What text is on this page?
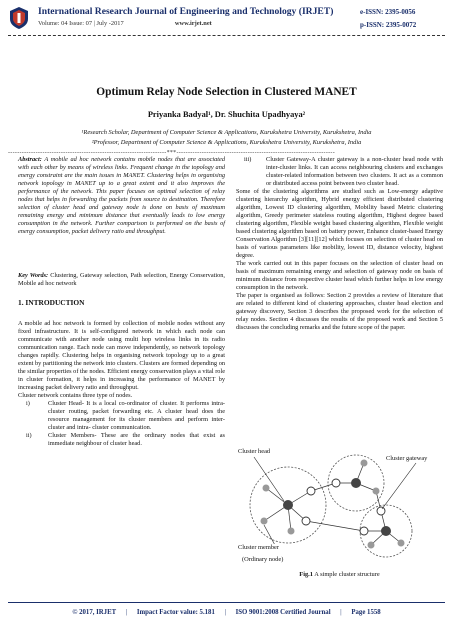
International Research Journal of Engineering and Technology (IRJET)
Volume: 04 Issue: 07 | July -2017	www.irjet.net
e-ISSN: 2395-0056
p-ISSN: 2395-0072
Optimum Relay Node Selection in Clustered MANET
Priyanka Badyal¹, Dr. Shuchita Upadhyaya²
¹Research Scholar, Department of Computer Science & Applications, Kurukshetra University, Kurukshetra, India
²Professor, Department of Computer Science & Applications, Kurukshetra University, Kurukshetra, India
---------------------------------------------------------------------***---------------------------------------------------------------------
Abstract: A mobile ad hoc network contains mobile nodes that are associated with each other by means of wireless links. Frequent change in the topology and energy constraint are the main issues in MANET. Clustering helps in organising network topology in MANET up to a great extent and it also improves the performance of the network. This paper focuses on optimal selection of relay nodes that helps in forwarding the packets from source to destination. Therefore selection of cluster head and gateway node is done on basis of maximum remaining energy and minimum distance that eventually leads to low energy consumption in the network. Further comparison is performed on the basis of energy consumption, packet delivery ratio and throughput.
Key Words: Clustering, Gateway selection, Path selection, Energy Conservation, Mobile ad hoc network
1. INTRODUCTION
A mobile ad hoc network is formed by collection of mobile nodes without any fixed infrastructure. It is self-configured network in which each node can communicate with another node using multi hop wireless links in its radio communication range. Each node can move independently, so network topology changes rapidly. Clustering helps in organising network topology up to a great extent by partitioning the network into clusters. Clusters are formed depending on the similar properties of the nodes. Efficient energy conservation plays a vital role in cluster formation, it helps in increasing the performance of MANET by increasing packet delivery ratio and throughput.
Cluster network contains three type of nodes.
i)	Cluster Head- It is a local co-ordinator of cluster. It performs intra-cluster routing, packet forwarding etc. A cluster head does the resource management for its cluster members and perform inter-cluster and intra- cluster communication.
ii)	Cluster Members- These are the ordinary nodes that exist as immediate neighbour of cluster head.
iii)	Cluster Gateway-A cluster gateway is a non-cluster head node with inter-cluster links. It can access neighbouring clusters and exchanges cluster-related information between two clusters. It act as a common or distributed access point between two cluster head.
Some of the clustering algorithms are studied such as Low-energy adaptive clustering hierarchy algorithm, Hybrid energy efficient distributed clustering algorithm, Lowest ID clustering algorithm, Mobility based Metric clustering algorithm, Greedy perimeter stateless routing algorithm, Highest degree based clustering algorithm, Flexible weight based clustering algorithm, Flexible weight based clustering algorithm based on battery power, Enhance cluster-based Energy Conservation Algorithm [3][11][12] which focuses on selection of cluster head on basis of various parameters like mobility, lowest ID, distance velocity, highest degree.
The work carried out in this paper focuses on the selection of cluster head on basis of maximum remaining energy and selection of gateway node on basis of minimum distance from respective cluster head which further helps in low energy consumption in the network.
The paper is organised as follows: Section 2 provides a review of literature that are related to different kind of clustering approaches, cluster head election and gateway discovery, Section 3 describes the proposed work for the selection of relay nodes. Section 4 discusses the results of the proposed work and Section 5 discusses the concluding remarks and the future scope of the paper.
Cluster head
Cluster gateway
Cluster member
(Ordinary node)
Fig.1 A simple cluster structure
© 2017, IRJET | Impact Factor value: 5.181 | ISO 9001:2008 Certified Journal | Page 1558
